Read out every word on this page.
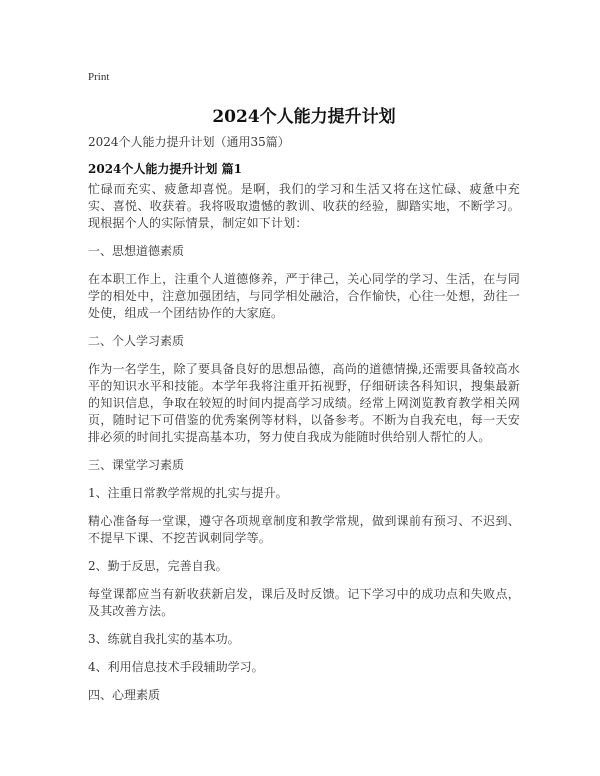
Print
2024个人能力提升计划

2024个人能力提升计划（通用35篇）

2024个人能力提升计划 篇1

忙碌而充实、疲惫却喜悦。是啊，我们的学习和生活又将在这忙碌、疲惫中充实、喜悦、收获着。我将吸取遗憾的教训、收获的经验，脚踏实地，不断学习。现根据个人的实际情景，制定如下计划：

一、思想道德素质

在本职工作上，注重个人道德修养，严于律己，关心同学的学习、生活，在与同学的相处中，注意加强团结，与同学相处融洽，合作愉快，心往一处想，劲往一处使，组成一个团结协作的大家庭。

二、个人学习素质

作为一名学生，除了要具备良好的思想品德，高尚的道德情操,还需要具备较高水平的知识水平和技能。本学年我将注重开拓视野，仔细研读各科知识，搜集最新的知识信息，争取在较短的时间内提高学习成绩。经常上网浏览教育教学相关网页，随时记下可借鉴的优秀案例等材料，以备参考。不断为自我充电，每一天安排必须的时间扎实提高基本功，努力使自我成为能随时供给别人帮忙的人。

三、课堂学习素质

1、注重日常教学常规的扎实与提升。

精心准备每一堂课，遵守各项规章制度和教学常规，做到课前有预习、不迟到、不提早下课、不挖苦讽刺同学等。

2、勤于反思，完善自我。

每堂课都应当有新收获新启发，课后及时反馈。记下学习中的成功点和失败点，及其改善方法。

3、练就自我扎实的基本功。

4、利用信息技术手段辅助学习。

四、心理素质
